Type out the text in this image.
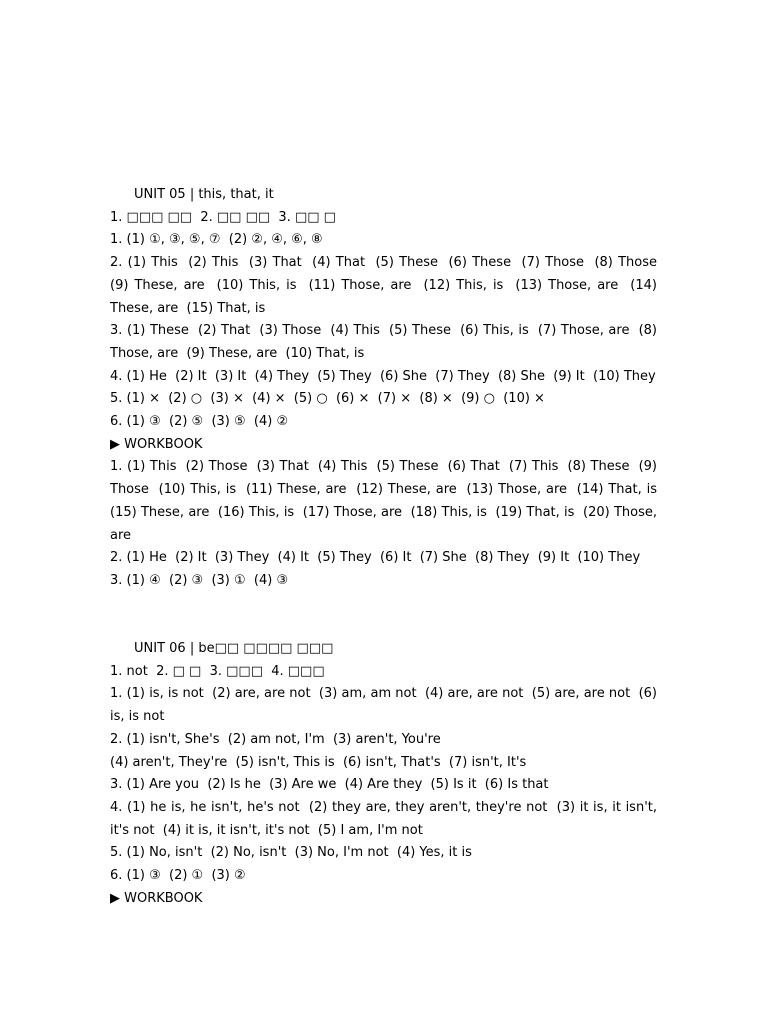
UNIT 05 | this, that, it
1. □□□ □□  2. □□ □□  3. □□ □
1. (1) ①, ③, ⑤, ⑦  (2) ②, ④, ⑥, ⑧
2. (1) This  (2) This  (3) That  (4) That  (5) These  (6) These  (7) Those  (8) Those  (9) These, are  (10) This, is  (11) Those, are  (12) This, is  (13) Those, are  (14) These, are  (15) That, is
3. (1) These  (2) That  (3) Those  (4) This  (5) These  (6) This, is  (7) Those, are  (8) Those, are  (9) These, are  (10) That, is
4. (1) He  (2) It  (3) It  (4) They  (5) They  (6) She  (7) They  (8) She  (9) It  (10) They
5. (1) ×  (2) ○  (3) ×  (4) ×  (5) ○  (6) ×  (7) ×  (8) ×  (9) ○  (10) ×
6. (1) ③  (2) ⑤  (3) ⑤  (4) ②
▶ WORKBOOK
1. (1) This  (2) Those  (3) That  (4) This  (5) These  (6) That  (7) This  (8) These  (9) Those  (10) This, is  (11) These, are  (12) These, are  (13) Those, are  (14) That, is  (15) These, are  (16) This, is  (17) Those, are  (18) This, is  (19) That, is  (20) Those, are
2. (1) He  (2) It  (3) They  (4) It  (5) They  (6) It  (7) She  (8) They  (9) It  (10) They
3. (1) ④  (2) ③  (3) ①  (4) ③
UNIT 06 | be□□ □□□□ □□□
1. not  2. □ □  3. □□□  4. □□□
1. (1) is, is not  (2) are, are not  (3) am, am not  (4) are, are not  (5) are, are not  (6) is, is not
2. (1) isn't, She's  (2) am not, I'm  (3) aren't, You're
(4) aren't, They're  (5) isn't, This is  (6) isn't, That's  (7) isn't, It's
3. (1) Are you  (2) Is he  (3) Are we  (4) Are they  (5) Is it  (6) Is that
4. (1) he is, he isn't, he's not  (2) they are, they aren't, they're not  (3) it is, it isn't, it's not  (4) it is, it isn't, it's not  (5) I am, I'm not
5. (1) No, isn't  (2) No, isn't  (3) No, I'm not  (4) Yes, it is
6. (1) ③  (2) ①  (3) ②
▶ WORKBOOK
